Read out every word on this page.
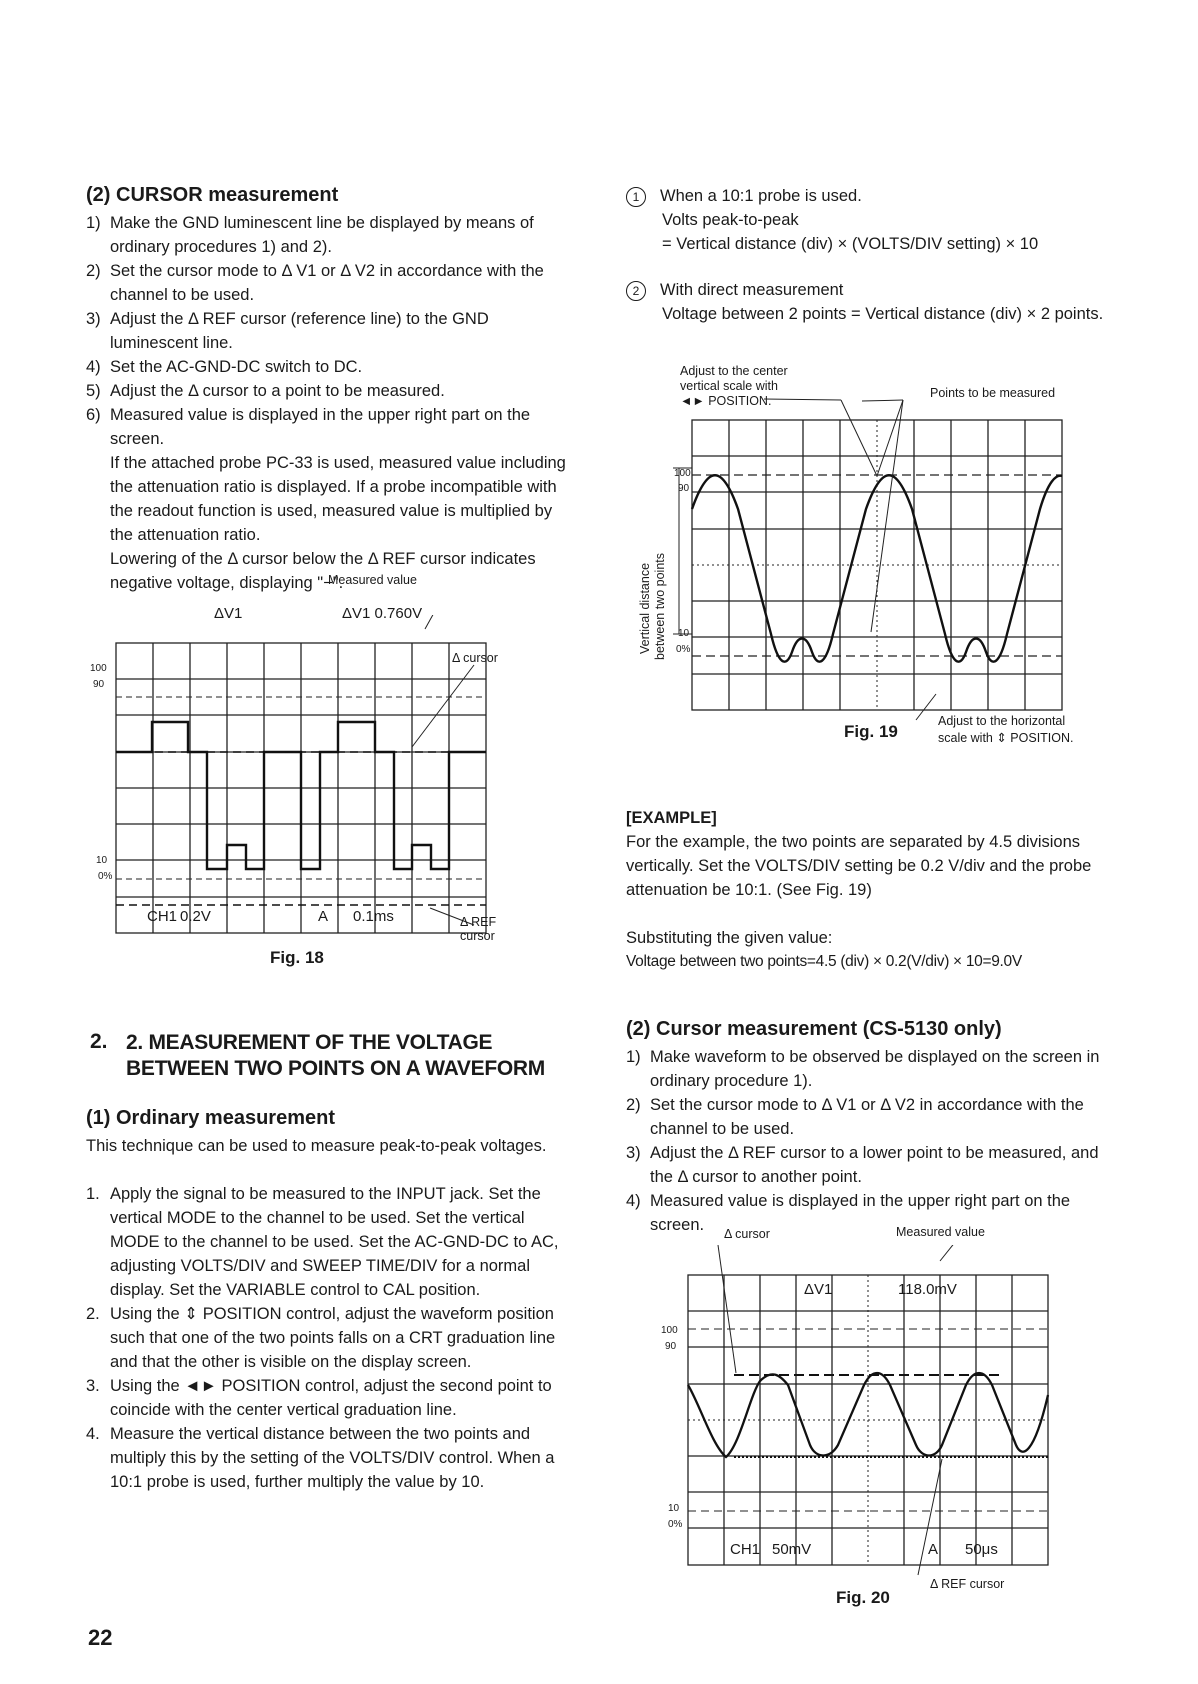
(2) CURSOR measurement
1) Make the GND luminescent line be displayed by means of ordinary procedures 1) and 2).
2) Set the cursor mode to Δ V1 or Δ V2 in accordance with the channel to be used.
3) Adjust the Δ REF cursor (reference line) to the GND luminescent line.
4) Set the AC-GND-DC switch to DC.
5) Adjust the Δ cursor to a point to be measured.
6) Measured value is displayed in the upper right part on the screen.

If the attached probe PC-33 is used, measured value including the attenuation ratio is displayed. If a probe incompatible with the readout function is used, measured value is multiplied by the attenuation ratio.

Lowering of the Δ cursor below the Δ REF cursor indicates negative voltage, displaying "−".

Measured value
ΔV1	ΔV1 0.760V
Δ cursor
100
90
10
0%
CH1 0.2V	A 0.1ms	Δ REF
cursor
Fig. 18
2. 2. MEASUREMENT OF THE VOLTAGE BETWEEN TWO POINTS ON A WAVEFORM
(1) Ordinary measurement

This technique can be used to measure peak-to-peak voltages.

1. Apply the signal to be measured to the INPUT jack. Set the vertical MODE to the channel to be used. Set the vertical MODE to the channel to be used. Set the AC-GND-DC to AC, adjusting VOLTS/DIV and SWEEP TIME/DIV for a normal display. Set the VARIABLE control to CAL position.
2. Using the ⇕ POSITION control, adjust the waveform position such that one of the two points falls on a CRT graduation line and that the other is visible on the display screen.
3. Using the ◄► POSITION control, adjust the second point to coincide with the center vertical graduation line.
4. Measure the vertical distance between the two points and multiply this by the setting of the VOLTS/DIV control. When a 10:1 probe is used, further multiply the value by 10.
1 When a 10:1 probe is used.
Volts peak-to-peak
= Vertical distance (div) × (VOLTS/DIV setting) × 10
2 With direct measurement
Voltage between 2 points = Vertical distance (div) × 2 points.
Adjust to the center
vertical scale with
◄► POSITION.
Points to be measured
Vertical distance between two points
100
90
10
0%
Adjust to the horizontal
scale with ⇕ POSITION.
Fig. 19

[EXAMPLE]

For the example, the two points are separated by 4.5 divisions vertically. Set the VOLTS/DIV setting be 0.2 V/div and the probe attenuation be 10:1. (See Fig. 19)

Substituting the given value:

Voltage between two points=4.5 (div) × 0.2(V/div) × 10=9.0V

(2) Cursor measurement (CS-5130 only)
1) Make waveform to be observed be displayed on the screen in ordinary procedure 1).
2) Set the cursor mode to Δ V1 or Δ V2 in accordance with the channel to be used.
3) Adjust the Δ REF cursor to a lower point to be measured, and the Δ cursor to another point.
4) Measured value is displayed in the upper right part on the screen.	Δ cursor	Measured value
ΔV1	118.0mV
100
90
10
0%
CH1 50mV	A 50μs
Δ REF cursor
Fig. 20
22
